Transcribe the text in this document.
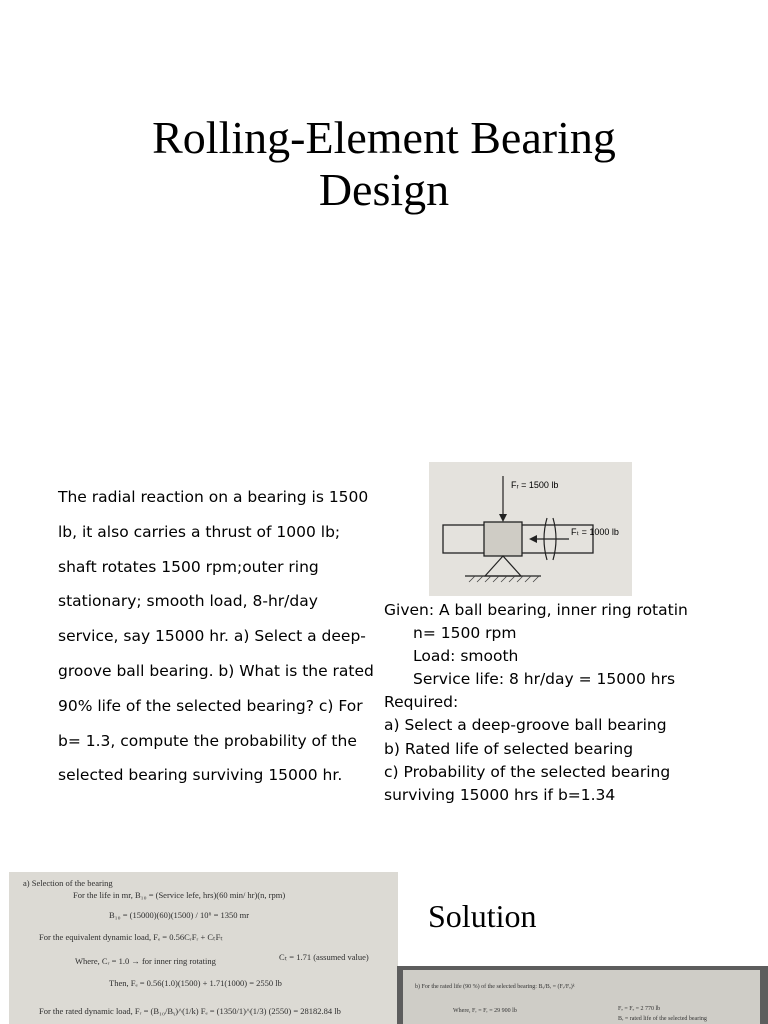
Rolling-Element Bearing
Design
The radial reaction on a bearing is 1500
lb, it also carries a thrust of 1000 lb;
shaft rotates 1500 rpm;outer ring
stationary; smooth load, 8-hr/day
service, say 15000 hr. a) Select a deep-
groove ball bearing. b) What is the rated
90% life of the selected bearing? c) For
b= 1.3, compute the probability of the
selected bearing surviving 15000 hr.
Fᵣ = 1500 lb
Fₜ = 1000 lb
Given: A ball bearing, inner ring rotatin
n= 1500 rpm
Load: smooth
Service life: 8 hr/day = 15000 hrs
Required:
a) Select a deep-groove ball bearing
b) Rated life of selected bearing
c) Probability of the selected bearing
surviving 15000 hrs if b=1.34
a) Selection of the bearing
For the life in mr, B₁₀ = (Service lefe, hrs)(60 min/ hr)(n, rpm)
B₁₀ = (15000)(60)(1500) / 10⁶ = 1350 mr
For the equivalent dynamic load, Fₑ = 0.56CᵣFᵣ + CₜFₜ
Where, Cᵣ = 1.0 → for inner ring rotating	Cₜ = 1.71 (assumed value)
Then, Fₑ = 0.56(1.0)(1500) + 1.71(1000) = 2550 lb
For the rated dynamic load, Fᵣ = (B₁₀/Bᵧ)^(1/k) Fₑ = (1350/1)^(1/3) (2550) = 28182.84 lb
Solution
b) For the rated life (90 %) of the selected bearing: Bᵧ/Bᵣ = (Fᵣ/Fₑ)ᵏ
Where, Fᵣ = Fᵣ = 29 900 lb	Fₑ = Fₑ = 2 770 lb
Bᵣ = rated life of the selected bearing
